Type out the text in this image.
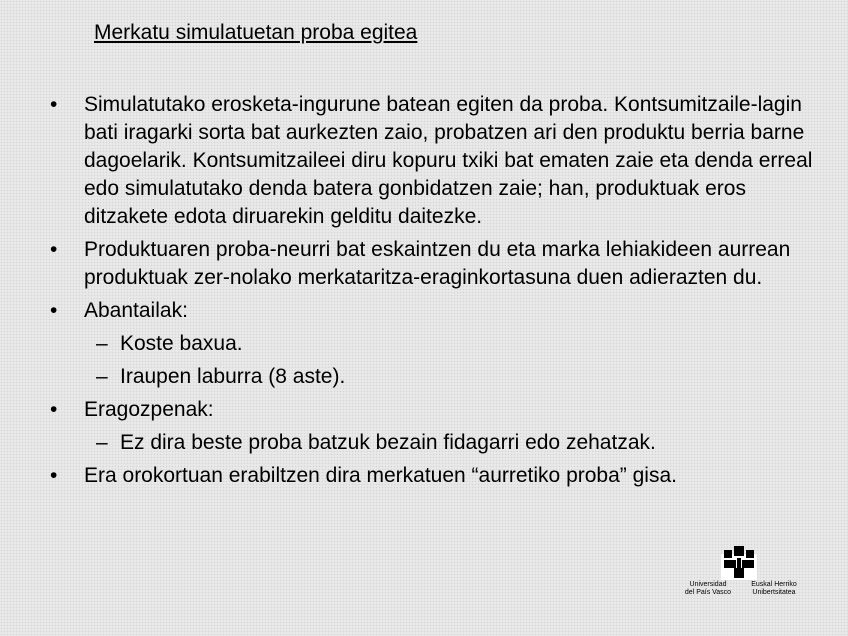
Merkatu simulatuetan proba egitea
•	Simulatutako erosketa-ingurune batean egiten da proba. Kontsumitzaile-lagin bati iragarki sorta bat aurkezten zaio, probatzen ari den produktu berria barne dagoelarik. Kontsumitzaileei diru kopuru txiki bat ematen zaie eta denda erreal edo simulatutako denda batera gonbidatzen zaie; han, produktuak eros ditzakete edota diruarekin gelditu daitezke.
•	Produktuaren proba-neurri bat eskaintzen du eta marka lehiakideen aurrean produktuak zer-nolako merkataritza-eraginkortasuna duen adierazten du.
•	Abantailak:
– Koste baxua.
– Iraupen laburra (8 aste).
•	Eragozpenak:
– Ez dira beste proba batzuk bezain fidagarri edo zehatzak.
•	Era orokortuan erabiltzen dira merkatuen “aurretiko proba” gisa.
Universidad
del País Vasco
Euskal Herriko
Unibertsitatea
